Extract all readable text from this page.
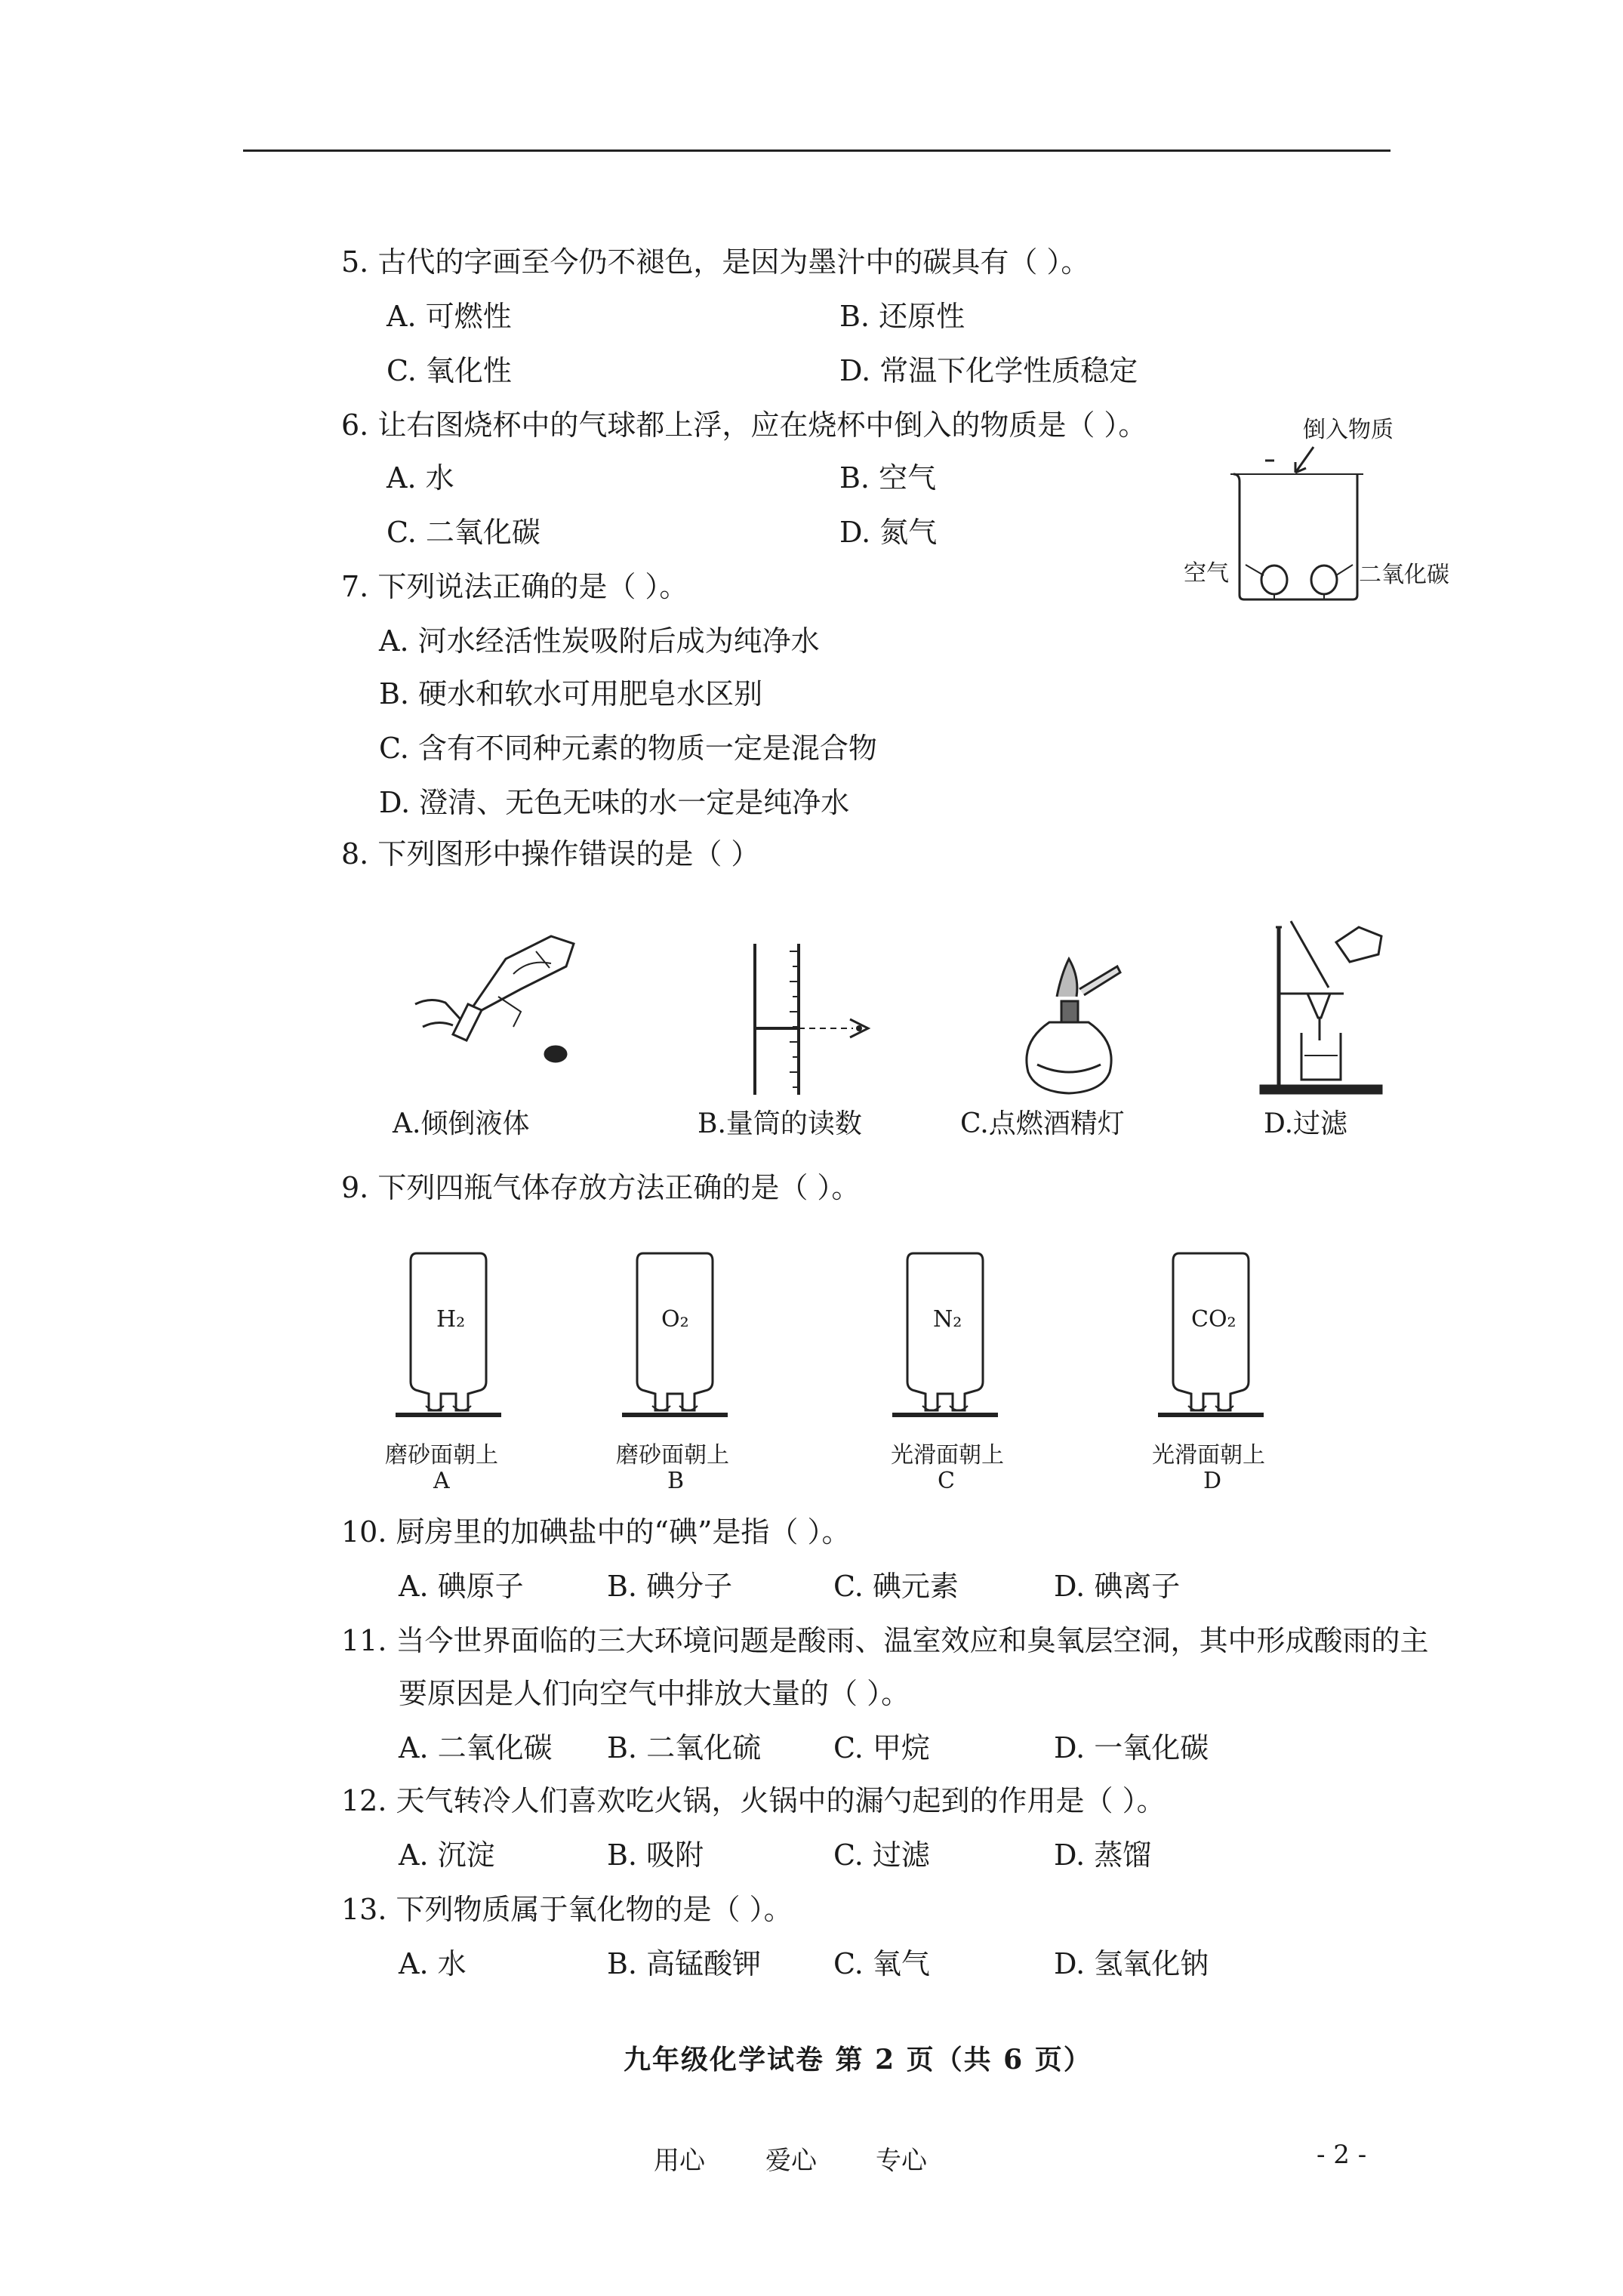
5. 古代的字画至今仍不褪色，是因为墨汁中的碳具有（ ）。
A. 可燃性	B. 还原性
C. 氧化性	D. 常温下化学性质稳定
6. 让右图烧杯中的气球都上浮，应在烧杯中倒入的物质是（ ）。
A. 水	B. 空气
C. 二氧化碳	D. 氮气
倒入物质
空气	二氧化碳
7. 下列说法正确的是（ ）。
A. 河水经活性炭吸附后成为纯净水
B. 硬水和软水可用肥皂水区别
C. 含有不同种元素的物质一定是混合物
D. 澄清、无色无味的水一定是纯净水
8. 下列图形中操作错误的是（ ）
A.倾倒液体	B.量筒的读数	C.点燃酒精灯	D.过滤
9. 下列四瓶气体存放方法正确的是（ ）。
H₂	O₂	N₂	CO₂
磨砂面朝上	磨砂面朝上	光滑面朝上	光滑面朝上
A	B	C	D
10. 厨房里的加碘盐中的“碘”是指（ ）。
A. 碘原子	B. 碘分子	C. 碘元素	D. 碘离子
11. 当今世界面临的三大环境问题是酸雨、温室效应和臭氧层空洞，其中形成酸雨的主
要原因是人们向空气中排放大量的（ ）。
A. 二氧化碳 B. 二氧化硫	C. 甲烷	D. 一氧化碳
12. 天气转冷人们喜欢吃火锅，火锅中的漏勺起到的作用是（ ）。
A. 沉淀	B. 吸附	C. 过滤	D. 蒸馏
13. 下列物质属于氧化物的是（ ）。
A. 水	B. 高锰酸钾	C. 氧气	D. 氢氧化钠
九年级化学试卷 第 2 页（共 6 页）
用心 爱心 专心	- 2 -
